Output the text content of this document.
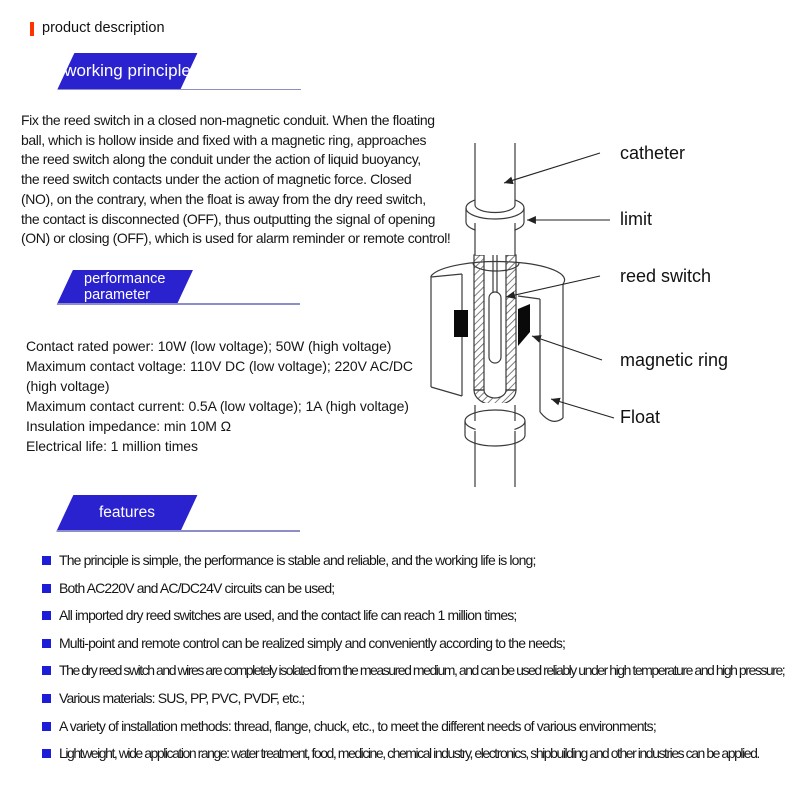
product description
working principle
Fix the reed switch in a closed non-magnetic conduit. When the floating
ball, which is hollow inside and fixed with a magnetic ring, approaches
the reed switch along the conduit under the action of liquid buoyancy,
the reed switch contacts under the action of magnetic force. Closed
(NO), on the contrary, when the float is away from the dry reed switch,
the contact is disconnected (OFF), thus outputting the signal of opening
(ON) or closing (OFF), which is used for alarm reminder or remote control!
performance
parameter
Contact rated power: 10W (low voltage); 50W (high voltage)
Maximum contact voltage: 110V DC (low voltage); 220V AC/DC
(high voltage)
Maximum contact current: 0.5A (low voltage); 1A (high voltage)
Insulation impedance: min 10M Ω
Electrical life: 1 million times
features
The principle is simple, the performance is stable and reliable, and the working life is long;
Both AC220V and AC/DC24V circuits can be used;
All imported dry reed switches are used, and the contact life can reach 1 million times;
Multi-point and remote control can be realized simply and conveniently according to the needs;
The dry reed switch and wires are completely isolated from the measured medium, and can be used reliably under high temperature and high pressure;
Various materials: SUS, PP, PVC, PVDF, etc.;
A variety of installation methods: thread, flange, chuck, etc., to meet the different needs of various environments;
Lightweight, wide application range: water treatment, food, medicine, chemical industry, electronics, shipbuilding and other industries can be applied.
catheter
limit
reed switch
magnetic ring
Float
